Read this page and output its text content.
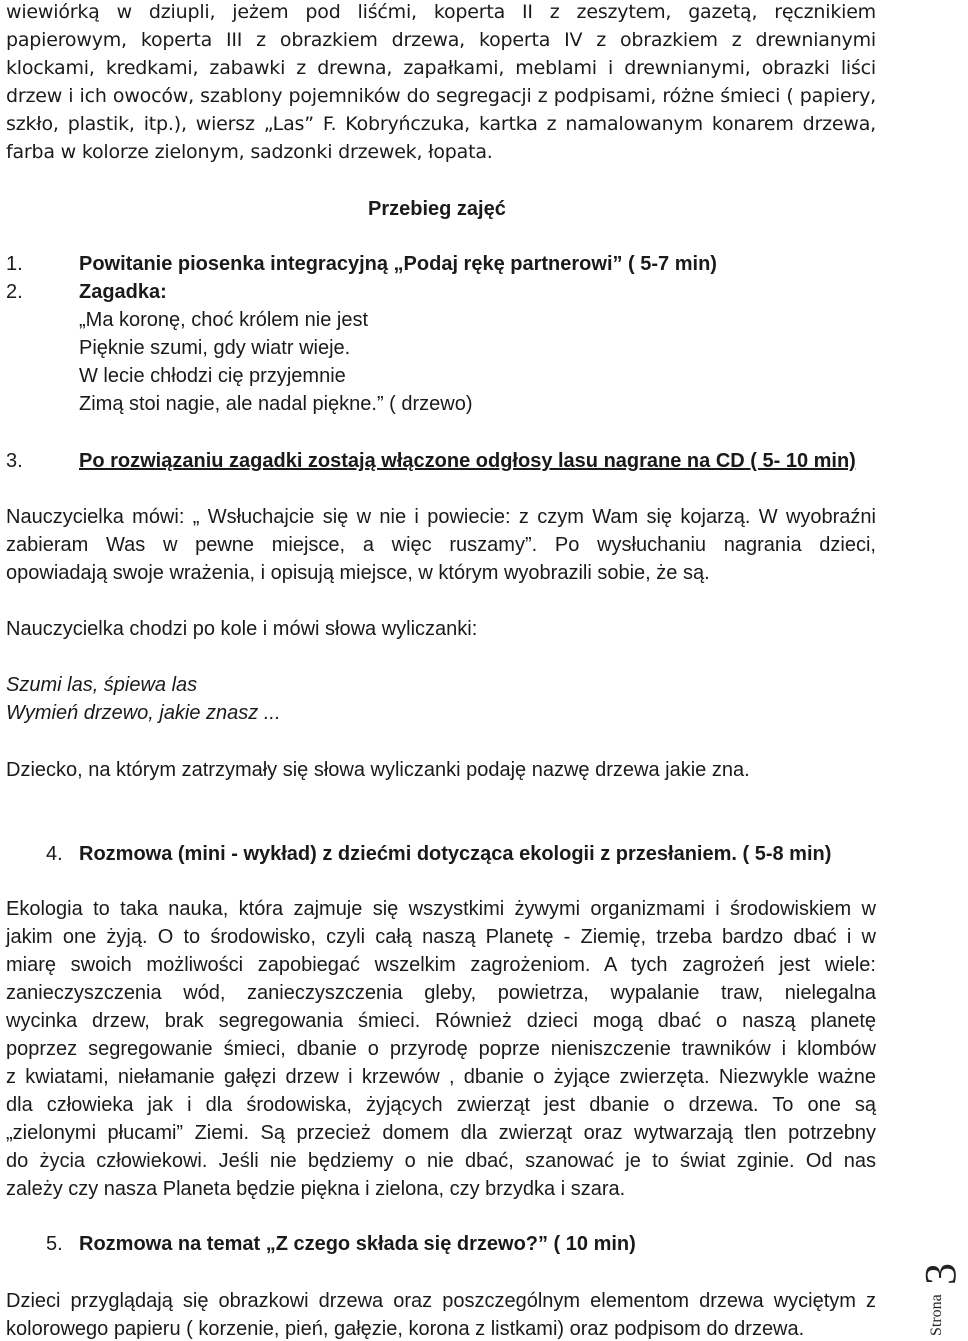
wiewiórką w dziupli, jeżem pod liśćmi, koperta II z zeszytem, gazetą, ręcznikiem
papierowym, koperta III z obrazkiem drzewa, koperta IV z obrazkiem z drewnianymi
klockami, kredkami, zabawki z drewna, zapałkami, meblami i drewnianymi, obrazki liści
drzew i ich owoców, szablony pojemników do segregacji z podpisami, różne śmieci ( papiery,
szkło, plastik, itp.), wiersz „Las” F. Kobryńczuka, kartka z namalowanym konarem drzewa,
farba w kolorze zielonym, sadzonki drzewek, łopata.
Przebieg zajęć
1.	Powitanie piosenka integracyjną „Podaj rękę partnerowi” ( 5-7 min)
2.	Zagadka:
„Ma koronę, choć królem nie jest
Pięknie szumi, gdy wiatr wieje.
W lecie chłodzi cię przyjemnie
Zimą stoi nagie, ale nadal piękne.” ( drzewo)
3.	Po rozwiązaniu zagadki zostają włączone odgłosy lasu nagrane na CD ( 5- 10 min)
Nauczycielka mówi: „ Wsłuchajcie się w nie i powiecie: z czym Wam się kojarzą. W wyobraźni
zabieram Was w pewne miejsce, a więc ruszamy”. Po wysłuchaniu nagrania dzieci,
opowiadają swoje wrażenia, i opisują miejsce, w którym wyobrazili sobie, że są.
Nauczycielka chodzi po kole i mówi słowa wyliczanki:
Szumi las, śpiewa las
Wymień drzewo, jakie znasz ...
Dziecko, na którym zatrzymały się słowa wyliczanki podaję nazwę drzewa jakie zna.
4. Rozmowa (mini - wykład) z dziećmi dotycząca ekologii z przesłaniem. ( 5-8 min)
Ekologia to taka nauka, która zajmuje się wszystkimi żywymi organizmami i środowiskiem w
jakim one żyją. O to środowisko, czyli całą naszą Planetę - Ziemię, trzeba bardzo dbać i w
miarę swoich możliwości zapobiegać wszelkim zagrożeniom. A tych zagrożeń jest wiele:
zanieczyszczenia wód, zanieczyszczenia gleby, powietrza, wypalanie traw, nielegalna
wycinka drzew, brak segregowania śmieci. Również dzieci mogą dbać o naszą planetę
poprzez segregowanie śmieci, dbanie o przyrodę poprze nieniszczenie trawników i klombów
z kwiatami, niełamanie gałęzi drzew i krzewów , dbanie o żyjące zwierzęta. Niezwykle ważne
dla człowieka jak i dla środowiska, żyjących zwierząt jest dbanie o drzewa. To one są
„zielonymi płucami” Ziemi. Są przecież domem dla zwierząt oraz wytwarzają tlen potrzebny
do życia człowiekowi. Jeśli nie będziemy o nie dbać, szanować je to świat zginie. Od nas
zależy czy nasza Planeta będzie piękna i zielona, czy brzydka i szara.
5. Rozmowa na temat „Z czego składa się drzewo?” ( 10 min)
Dzieci przyglądają się obrazkowi drzewa oraz poszczególnym elementom drzewa wyciętym z
kolorowego papieru ( korzenie, pień, gałęzie, korona z listkami) oraz podpisom do drzewa.
3
Strona
